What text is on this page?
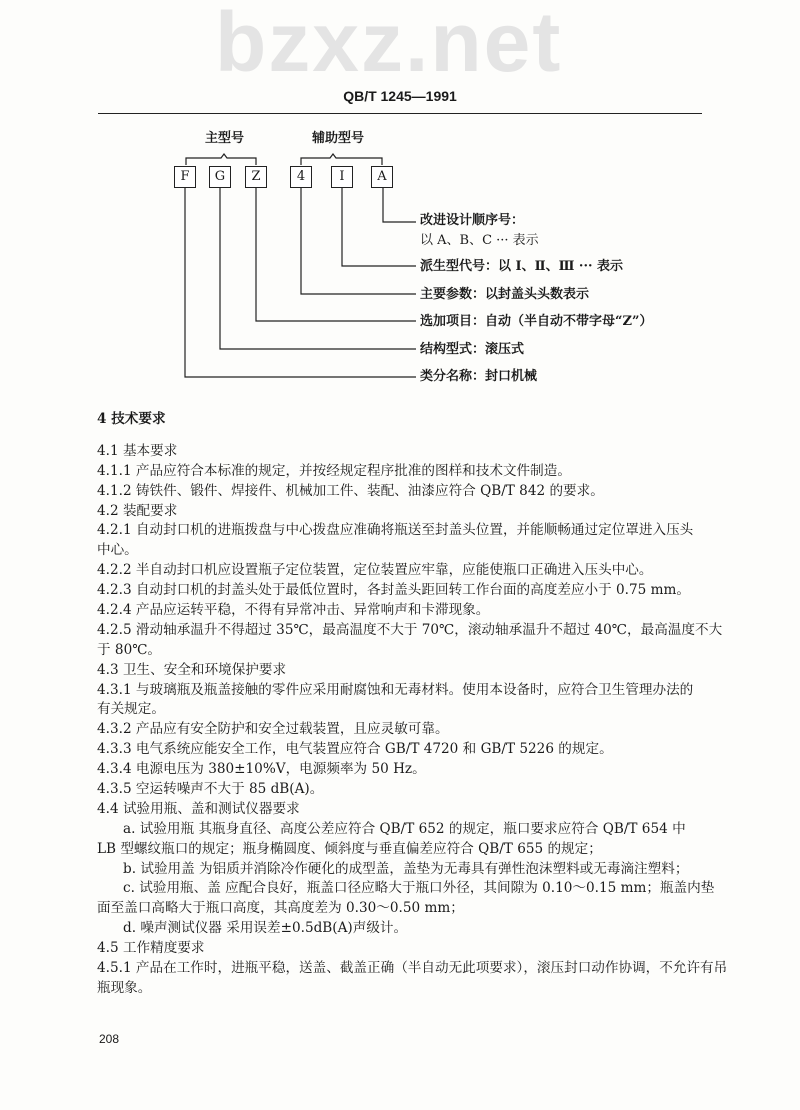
bzxz.net
QB/T 1245—1991
主型号	辅助型号
F	G	Z	4	I	A
改进设计顺序号：
以 A、B、C ··· 表示
派生型代号：以 Ⅰ、Ⅱ、Ⅲ ··· 表示
主要参数：以封盖头头数表示
选加项目：自动（半自动不带字母“Z”）
结构型式：滚压式
类分名称：封口机械
4 技术要求
4.1 基本要求
4.1.1 产品应符合本标准的规定，并按经规定程序批准的图样和技术文件制造。
4.1.2 铸铁件、锻件、焊接件、机械加工件、装配、油漆应符合 QB/T 842 的要求。
4.2 装配要求
4.2.1 自动封口机的进瓶拨盘与中心拨盘应准确将瓶送至封盖头位置，并能顺畅通过定位罩进入压头
中心。
4.2.2 半自动封口机应设置瓶子定位装置，定位装置应牢靠，应能使瓶口正确进入压头中心。
4.2.3 自动封口机的封盖头处于最低位置时，各封盖头距回转工作台面的高度差应小于 0.75 mm。
4.2.4 产品应运转平稳，不得有异常冲击、异常响声和卡滞现象。
4.2.5 滑动轴承温升不得超过 35℃，最高温度不大于 70℃，滚动轴承温升不超过 40℃，最高温度不大
于 80℃。
4.3 卫生、安全和环境保护要求
4.3.1 与玻璃瓶及瓶盖接触的零件应采用耐腐蚀和无毒材料。使用本设备时，应符合卫生管理办法的
有关规定。
4.3.2 产品应有安全防护和安全过载装置，且应灵敏可靠。
4.3.3 电气系统应能安全工作，电气装置应符合 GB/T 4720 和 GB/T 5226 的规定。
4.3.4 电源电压为 380±10%V，电源频率为 50 Hz。
4.3.5 空运转噪声不大于 85 dB(A)。
4.4 试验用瓶、盖和测试仪器要求
a. 试验用瓶 其瓶身直径、高度公差应符合 QB/T 652 的规定，瓶口要求应符合 QB/T 654 中
LB 型螺纹瓶口的规定；瓶身椭圆度、倾斜度与垂直偏差应符合 QB/T 655 的规定；
b. 试验用盖 为铝质并消除冷作硬化的成型盖，盖垫为无毒具有弹性泡沫塑料或无毒滴注塑料；
c. 试验用瓶、盖 应配合良好，瓶盖口径应略大于瓶口外径，其间隙为 0.10～0.15 mm；瓶盖内垫
面至盖口高略大于瓶口高度，其高度差为 0.30～0.50 mm；
d. 噪声测试仪器 采用误差±0.5dB(A)声级计。
4.5 工作精度要求
4.5.1 产品在工作时，进瓶平稳，送盖、截盖正确（半自动无此项要求），滚压封口动作协调，不允许有吊
瓶现象。
208
